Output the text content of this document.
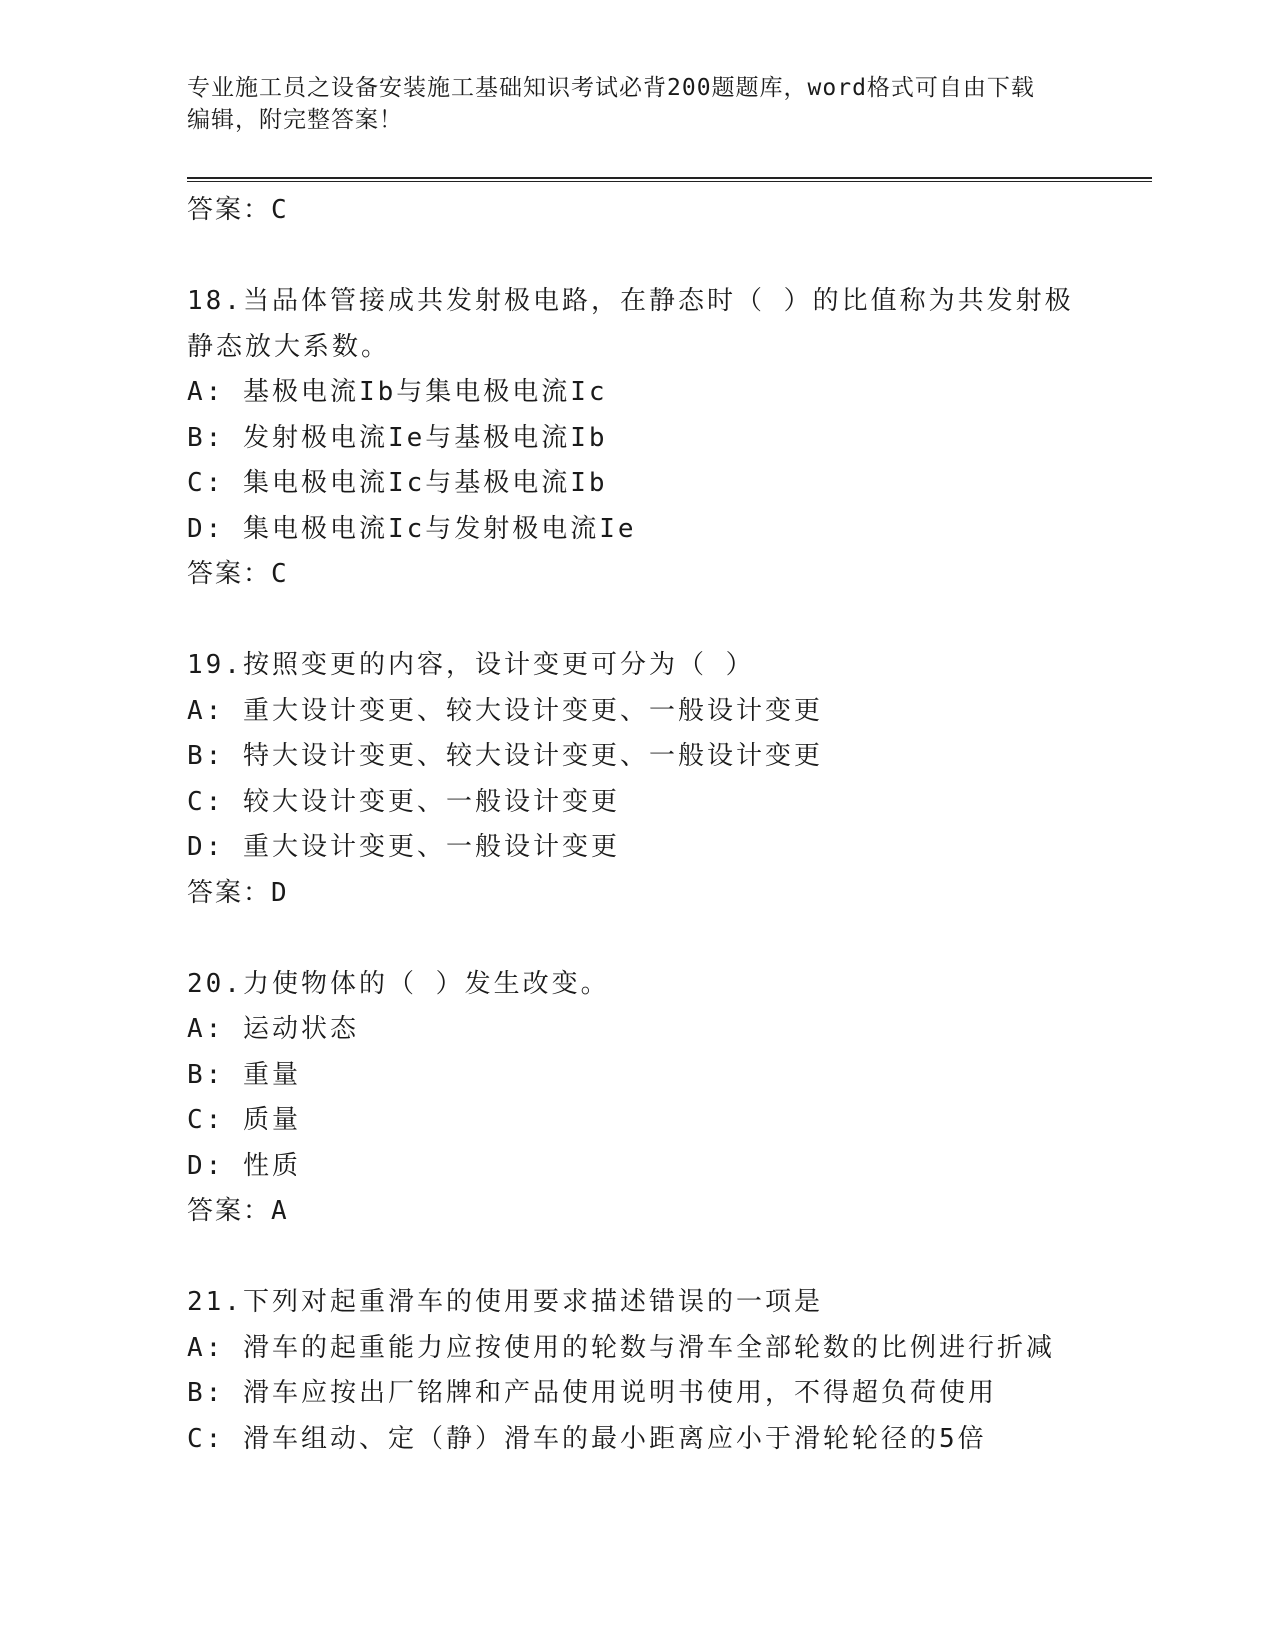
专业施工员之设备安装施工基础知识考试必背200题题库，word格式可自由下载
编辑，附完整答案！
答案：C
18.当品体管接成共发射极电路，在静态时（ ）的比值称为共发射极
静态放大系数。
A: 基极电流Ib与集电极电流Ic
B: 发射极电流Ie与基极电流Ib
C: 集电极电流Ic与基极电流Ib
D: 集电极电流Ic与发射极电流Ie
答案：C
19.按照变更的内容，设计变更可分为（ ）
A: 重大设计变更、较大设计变更、一般设计变更
B: 特大设计变更、较大设计变更、一般设计变更
C: 较大设计变更、一般设计变更
D: 重大设计变更、一般设计变更
答案：D
20.力使物体的（ ）发生改变。
A: 运动状态
B: 重量
C: 质量
D: 性质
答案：A
21.下列对起重滑车的使用要求描述错误的一项是
A: 滑车的起重能力应按使用的轮数与滑车全部轮数的比例进行折减
B: 滑车应按出厂铭牌和产品使用说明书使用，不得超负荷使用
C: 滑车组动、定（静）滑车的最小距离应小于滑轮轮径的5倍
